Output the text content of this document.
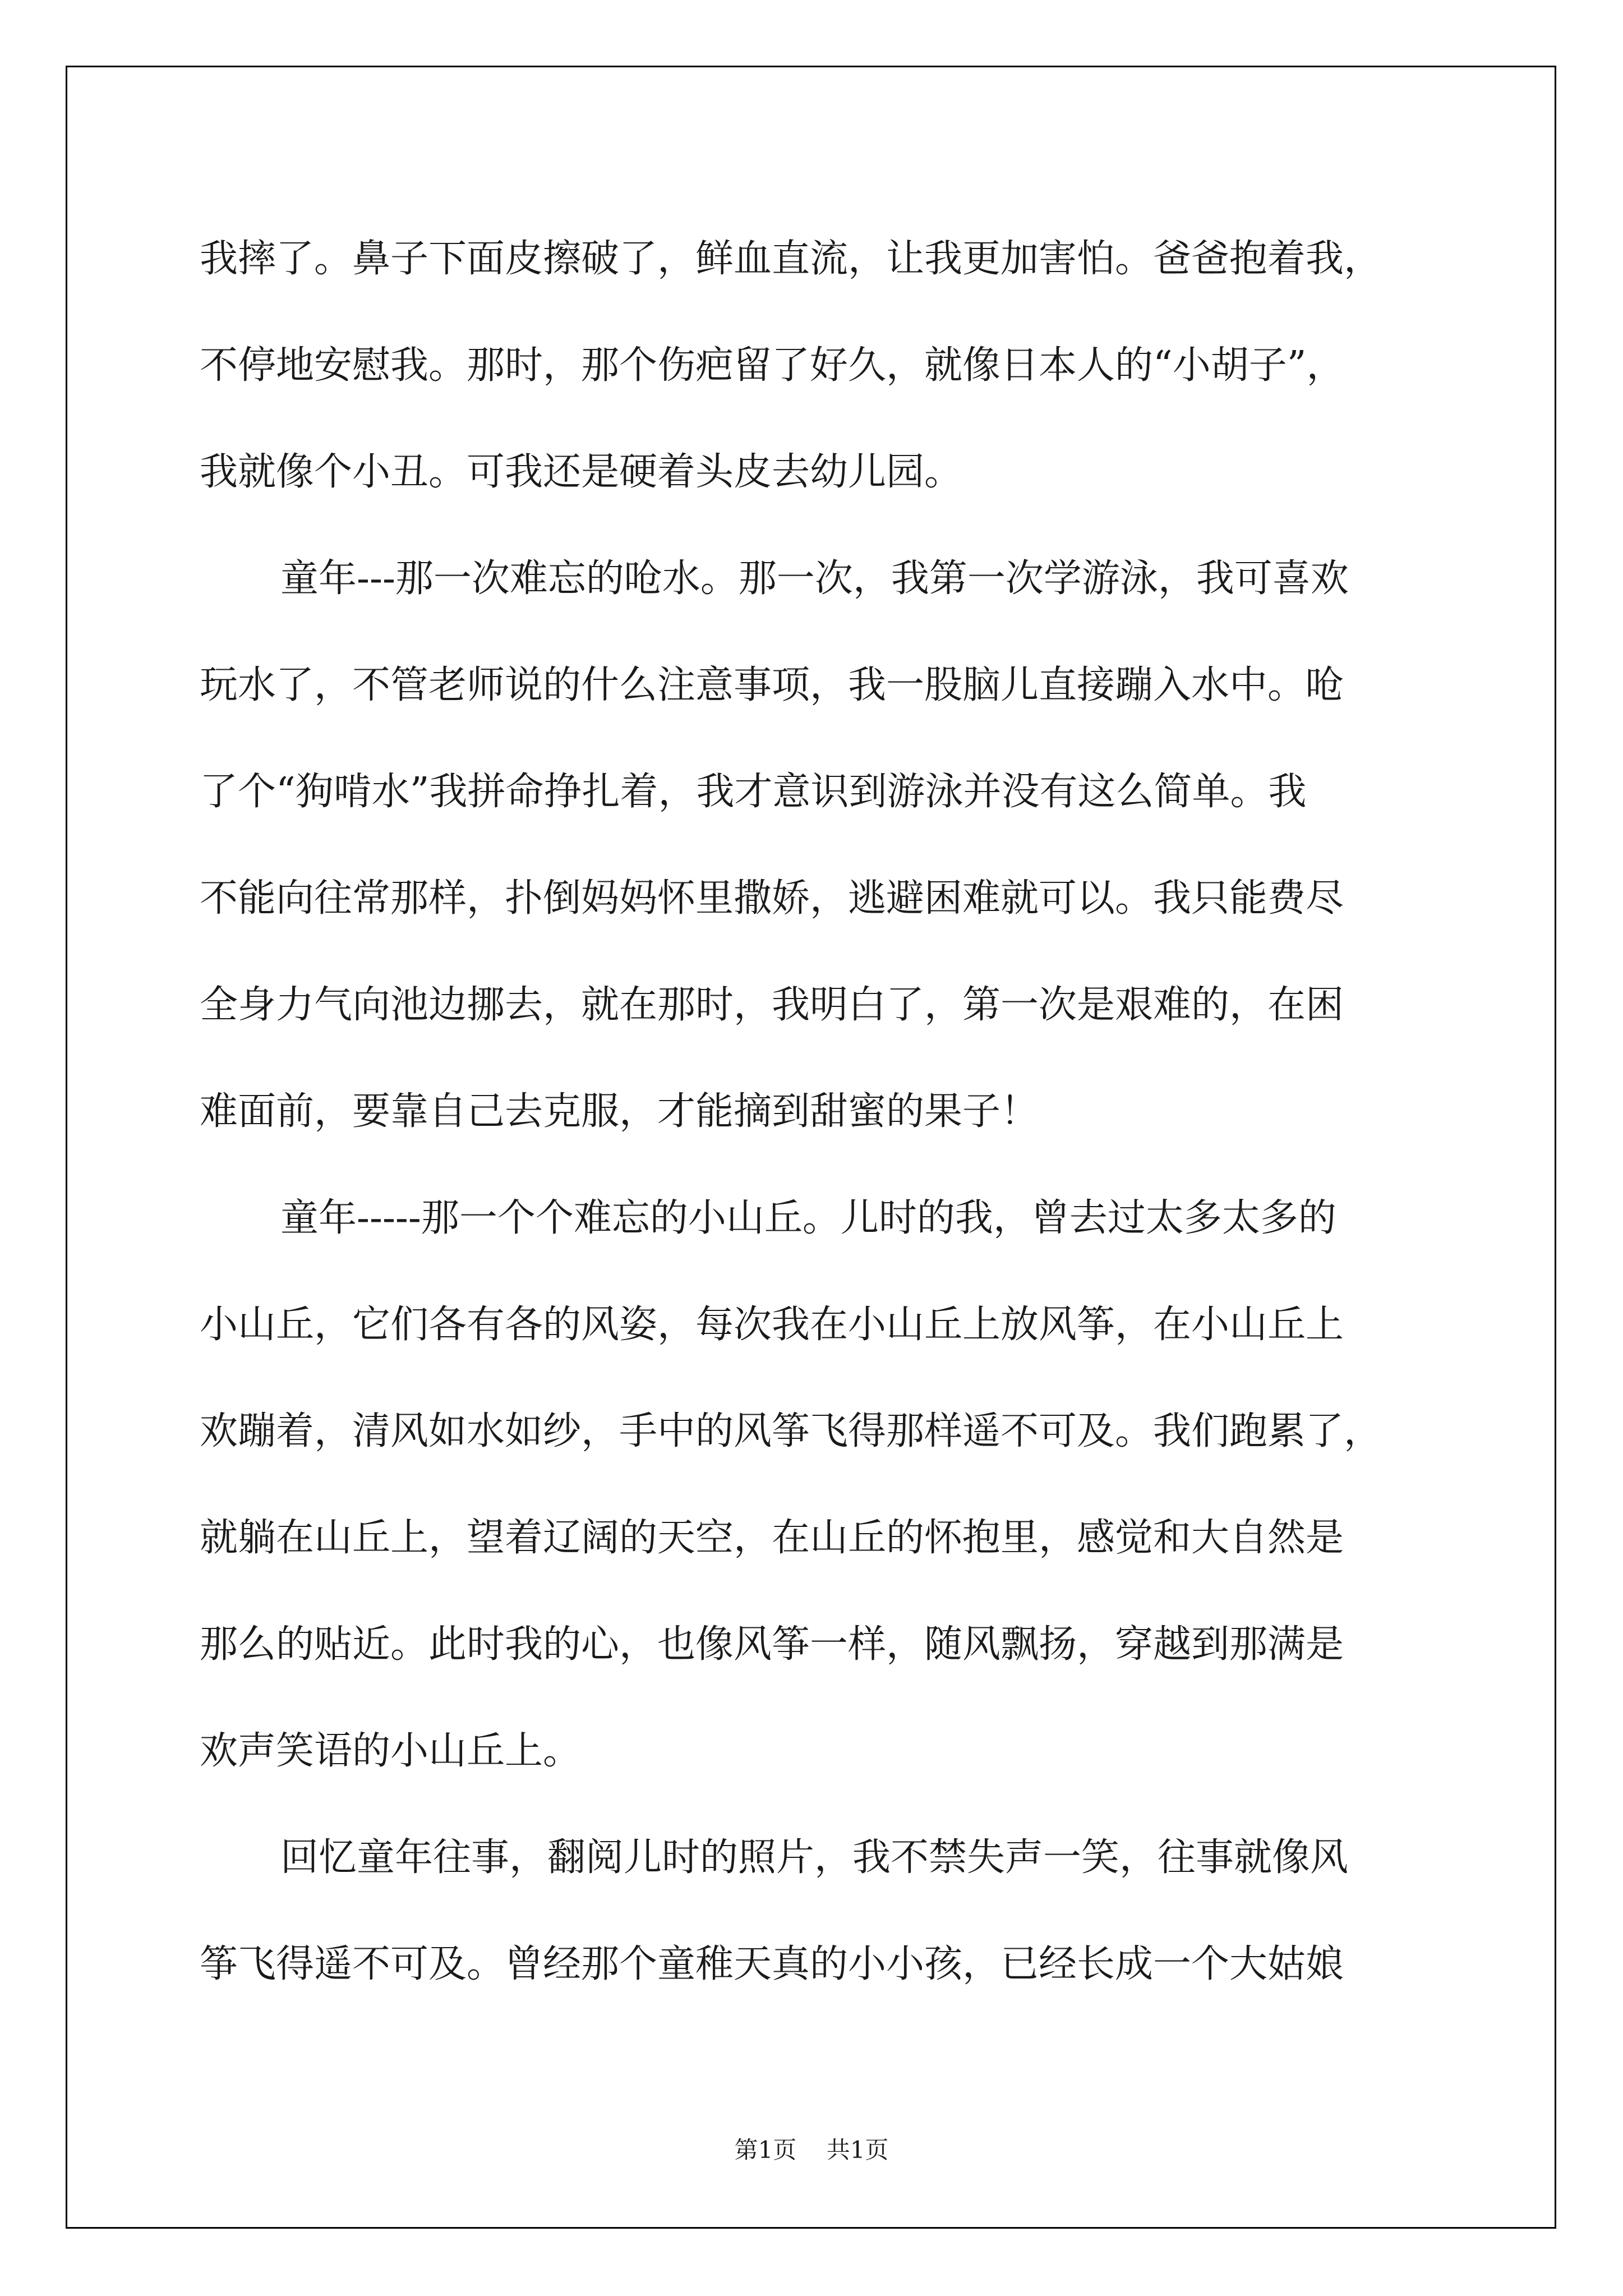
我摔了。鼻子下面皮擦破了，鲜血直流，让我更加害怕。爸爸抱着我，
不停地安慰我。那时，那个伤疤留了好久，就像日本人的“小胡子”，
我就像个小丑。可我还是硬着头皮去幼儿园。
童年---那一次难忘的呛水。那一次，我第一次学游泳，我可喜欢
玩水了，不管老师说的什么注意事项，我一股脑儿直接蹦入水中。呛
了个“狗啃水”我拼命挣扎着，我才意识到游泳并没有这么简单。我
不能向往常那样，扑倒妈妈怀里撒娇，逃避困难就可以。我只能费尽
全身力气向池边挪去，就在那时，我明白了，第一次是艰难的，在困
难面前，要靠自己去克服，才能摘到甜蜜的果子！
童年-----那一个个难忘的小山丘。儿时的我，曾去过太多太多的
小山丘，它们各有各的风姿，每次我在小山丘上放风筝，在小山丘上
欢蹦着，清风如水如纱，手中的风筝飞得那样遥不可及。我们跑累了，
就躺在山丘上，望着辽阔的天空，在山丘的怀抱里，感觉和大自然是
那么的贴近。此时我的心，也像风筝一样，随风飘扬，穿越到那满是
欢声笑语的小山丘上。
回忆童年往事，翻阅儿时的照片，我不禁失声一笑，往事就像风
筝飞得遥不可及。曾经那个童稚天真的小小孩，已经长成一个大姑娘
第1页 共1页
